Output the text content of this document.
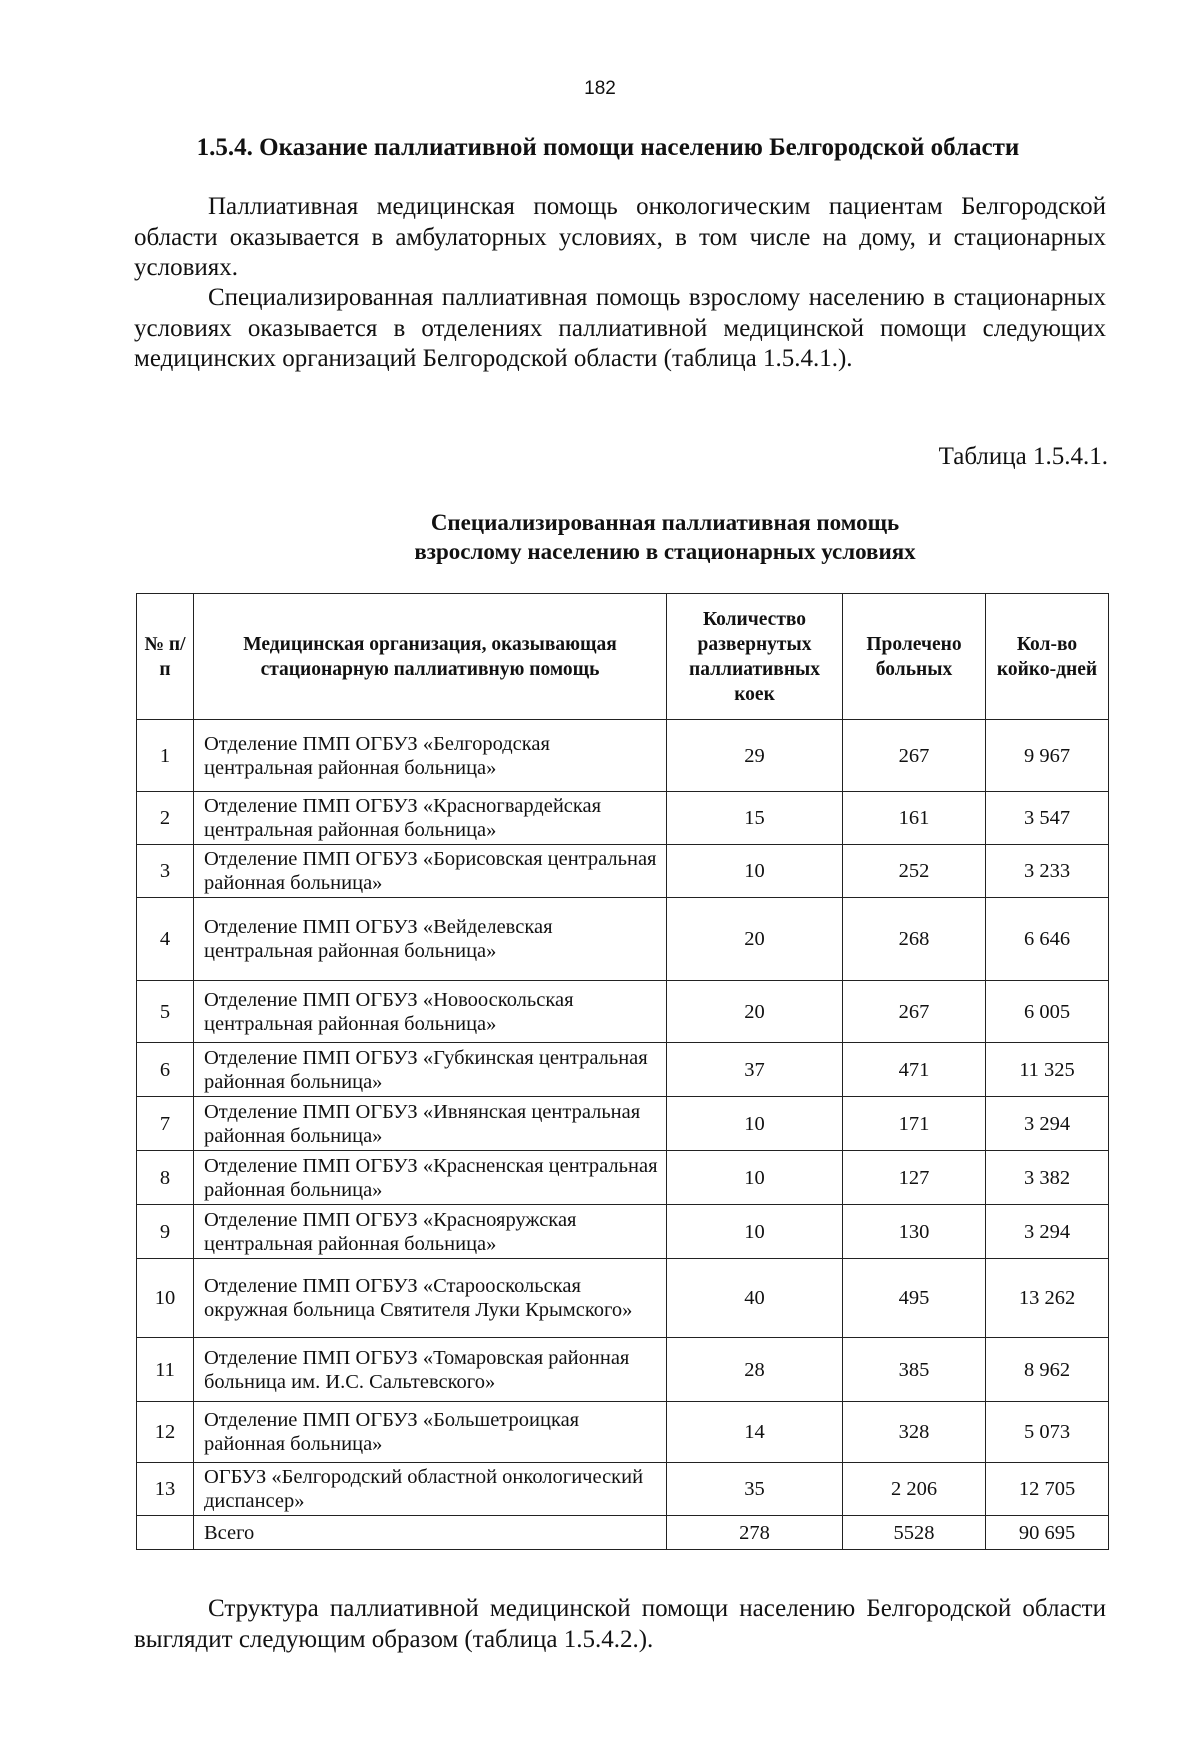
182
1.5.4. Оказание паллиативной помощи населению Белгородской области
Паллиативная медицинская помощь онкологическим пациентам Белгородской области оказывается в амбулаторных условиях, в том числе на дому, и стационарных условиях.
Специализированная паллиативная помощь взрослому населению в стационарных условиях оказывается в отделениях паллиативной медицинской помощи следующих медицинских организаций Белгородской области (таблица 1.5.4.1.).
Таблица 1.5.4.1.
Специализированная паллиативная помощь
взрослому населению в стационарных условиях
№ п/п	Медицинская организация, оказывающая стационарную паллиативную помощь	Количество развернутых паллиативных коек	Пролечено больных	Кол-во койко-дней
1	Отделение ПМП ОГБУЗ «Белгородская центральная районная больница»	29	267	9 967
2	Отделение ПМП ОГБУЗ «Красногвардейская центральная районная больница»	15	161	3 547
3	Отделение ПМП ОГБУЗ «Борисовская центральная районная больница»	10	252	3 233
4	Отделение ПМП ОГБУЗ «Вейделевская центральная районная больница»	20	268	6 646
5	Отделение ПМП ОГБУЗ «Новооскольская центральная районная больница»	20	267	6 005
6	Отделение ПМП ОГБУЗ «Губкинская центральная районная больница»	37	471	11 325
7	Отделение ПМП ОГБУЗ «Ивнянская центральная районная больница»	10	171	3 294
8	Отделение ПМП ОГБУЗ «Красненская центральная районная больница»	10	127	3 382
9	Отделение ПМП ОГБУЗ «Краснояружская центральная районная больница»	10	130	3 294
10	Отделение ПМП ОГБУЗ «Старооскольская окружная больница Святителя Луки Крымского»	40	495	13 262
11	Отделение ПМП ОГБУЗ «Томаровская районная больница им. И.С. Сальтевского»	28	385	8 962
12	Отделение ПМП ОГБУЗ «Большетроицкая районная больница»	14	328	5 073
13	ОГБУЗ «Белгородский областной онкологический диспансер»	35	2 206	12 705
	Всего	278	5528	90 695
Структура паллиативной медицинской помощи населению Белгородской области выглядит следующим образом (таблица 1.5.4.2.).
